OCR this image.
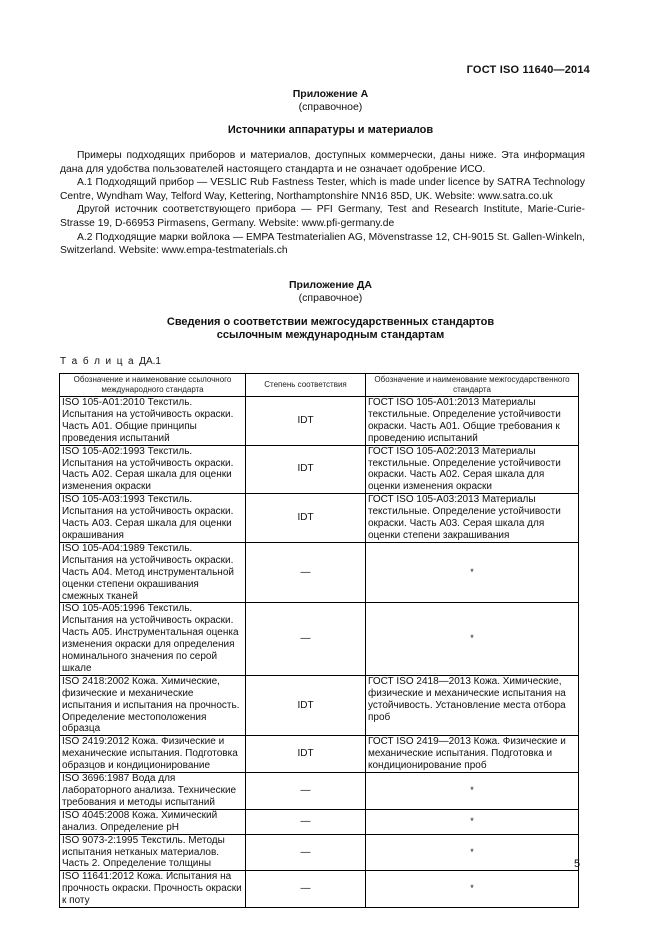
ГОСТ ISO 11640—2014
Приложение А
(справочное)
Источники аппаратуры и материалов

Примеры подходящих приборов и материалов, доступных коммерчески, даны ниже. Эта информация дана для удобства пользователей настоящего стандарта и не означает одобрение ИСО.

А.1 Подходящий прибор — VESLIC Rub Fastness Tester, which is made under licence by SATRA Technology Centre, Wyndham Way, Telford Way, Kettering, Northamptonshire NN16 85D, UK. Website: www.satra.co.uk

Другой источник соответствующего прибора — PFI Germany, Test and Research Institute, Marie-Curie-Strasse 19, D-66953 Pirmasens, Germany. Website: www.pfi-germany.de

А.2 Подходящие марки войлока — EMPA Testmaterialien AG, Mövenstrasse 12, CH-9015 St. Gallen-Winkeln, Switzerland. Website: www.empa-testmaterials.ch

Приложение ДА
(справочное)
Сведения о соответствии межгосударственных стандартов
ссылочным международным стандартам
Т а б л и ц а ДА.1
Обозначение и наименование ссылочного международного стандарта	Степень соответствия	Обозначение и наименование межгосударственного стандарта
ISO 105-A01:2010 Текстиль. Испытания на устойчивость окраски. Часть А01. Общие принципы проведения испытаний	IDT	ГОСТ ISO 105-A01:2013 Материалы текстильные. Определение устойчивости окраски. Часть А01. Общие требования к проведению испытаний
ISO 105-A02:1993 Текстиль. Испытания на устойчивость окраски. Часть А02. Серая шкала для оценки изменения окраски	IDT	ГОСТ ISO 105-A02:2013 Материалы текстильные. Определение устойчивости окраски. Часть А02. Серая шкала для оценки изменения окраски
ISO 105-A03:1993 Текстиль. Испытания на устойчивость окраски. Часть А03. Серая шкала для оценки окрашивания	IDT	ГОСТ ISO 105-A03:2013 Материалы текстильные. Определение устойчивости окраски. Часть А03. Серая шкала для оценки степени закрашивания
ISO 105-A04:1989 Текстиль. Испытания на устойчивость окраски. Часть А04. Метод инструментальной оценки степени окрашивания смежных тканей	—	*
ISO 105-A05:1996 Текстиль. Испытания на устойчивость окраски. Часть А05. Инструментальная оценка изменения окраски для определения номинального значения по серой шкале	—	*
ISO 2418:2002 Кожа. Химические, физические и механические испытания и испытания на прочность. Определение местоположения образца	IDT	ГОСТ ISO 2418—2013 Кожа. Химические, физические и механические испытания на устойчивость. Установление места отбора проб
ISO 2419:2012 Кожа. Физические и механические испытания. Подготовка образцов и кондиционирование	IDT	ГОСТ ISO 2419—2013 Кожа. Физические и механические испытания. Подготовка и кондиционирование проб
ISO 3696:1987 Вода для лабораторного анализа. Технические требования и методы испытаний	—	*
ISO 4045:2008 Кожа. Химический анализ. Определение рН	—	*
ISO 9073-2:1995 Текстиль. Методы испытания нетканых материалов. Часть 2. Определение толщины	—	*
ISO 11641:2012 Кожа. Испытания на прочность окраски. Прочность окраски к поту	—	*
5
